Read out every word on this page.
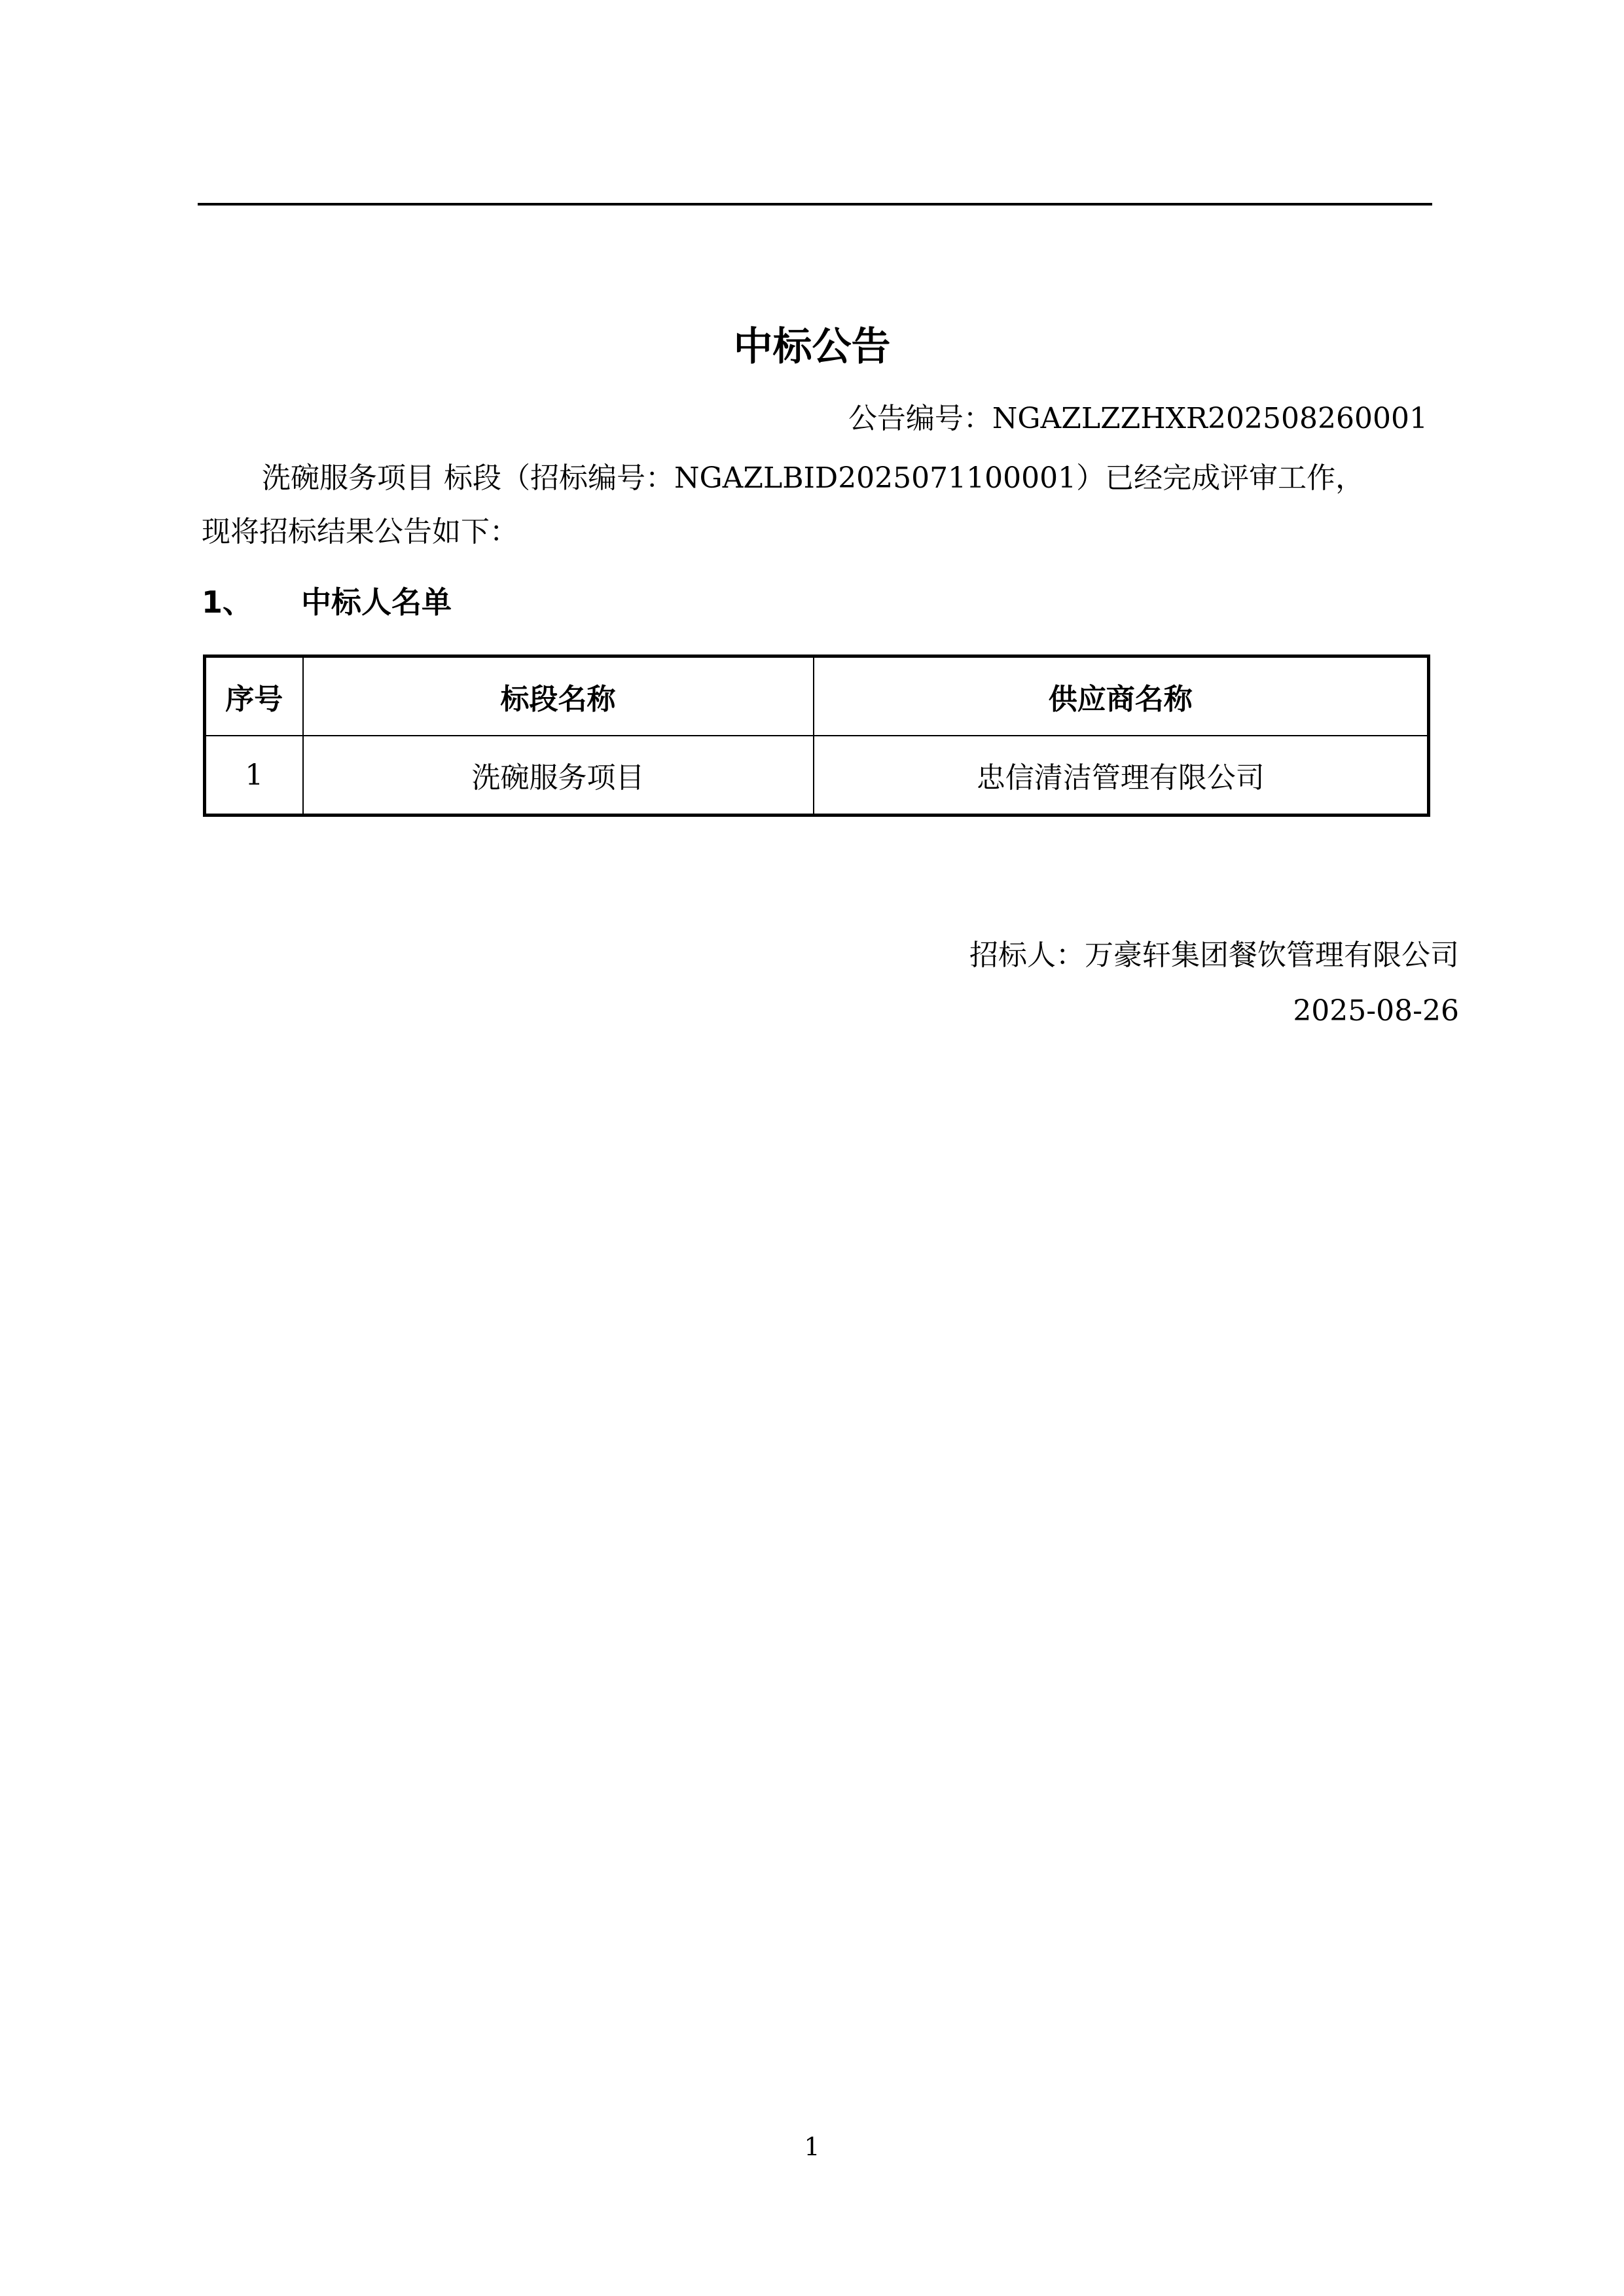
中标公告
公告编号：NGAZLZZHXR202508260001
洗碗服务项目 标段（招标编号：NGAZLBID2025071100001）已经完成评审工作，
现将招标结果公告如下：
1、 中标人名单
序号	标段名称	供应商名称
1	洗碗服务项目	忠信清洁管理有限公司
招标人：万豪轩集团餐饮管理有限公司
2025-08-26
1
